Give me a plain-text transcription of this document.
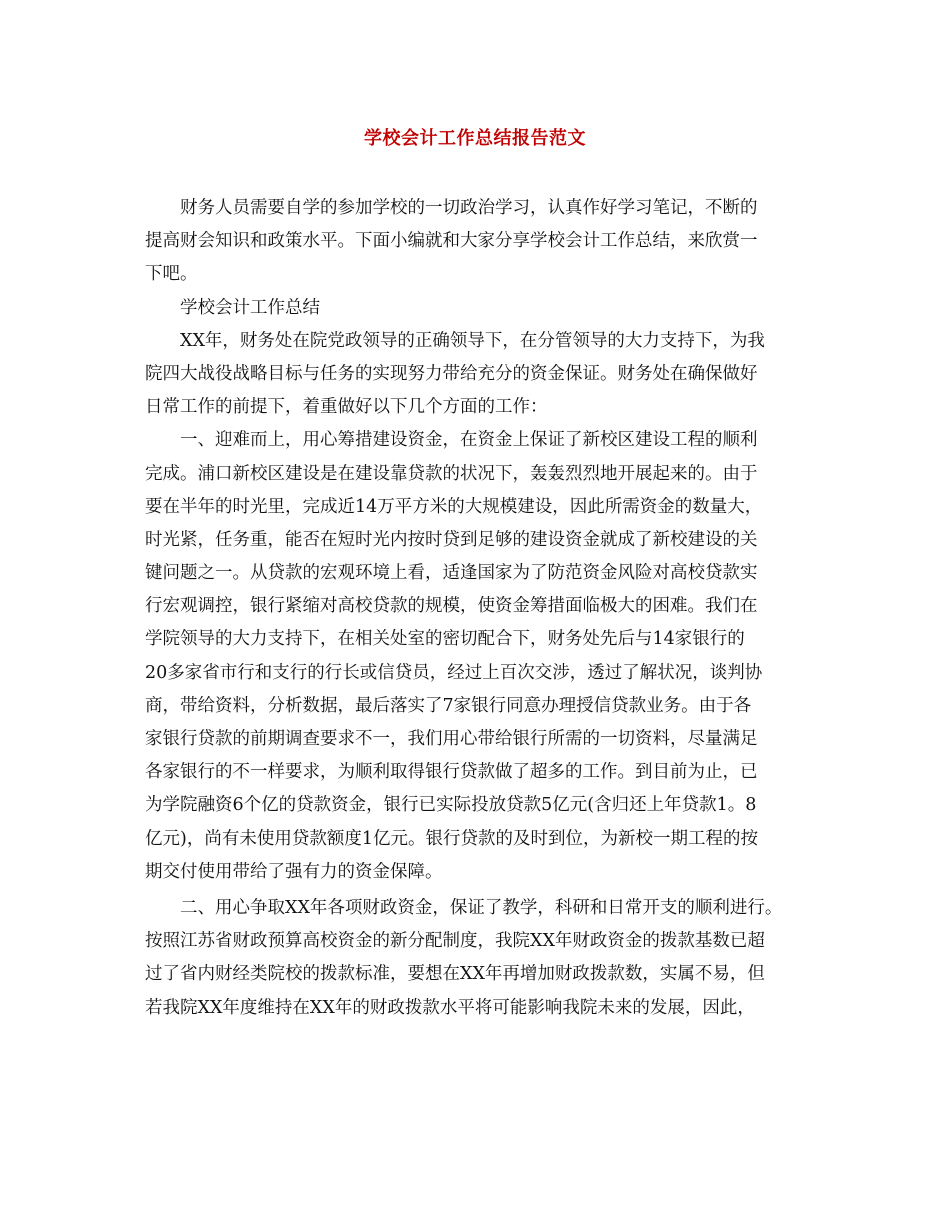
学校会计工作总结报告范文
财务人员需要自学的参加学校的一切政治学习，认真作好学习笔记，不断的
提高财会知识和政策水平。下面小编就和大家分享学校会计工作总结，来欣赏一
下吧。
学校会计工作总结
XX年，财务处在院党政领导的正确领导下，在分管领导的大力支持下，为我
院四大战役战略目标与任务的实现努力带给充分的资金保证。财务处在确保做好
日常工作的前提下，着重做好以下几个方面的工作：
一、迎难而上，用心筹措建设资金，在资金上保证了新校区建设工程的顺利
完成。浦口新校区建设是在建设靠贷款的状况下，轰轰烈烈地开展起来的。由于
要在半年的时光里，完成近14万平方米的大规模建设，因此所需资金的数量大，
时光紧，任务重，能否在短时光内按时贷到足够的建设资金就成了新校建设的关
键问题之一。从贷款的宏观环境上看，适逢国家为了防范资金风险对高校贷款实
行宏观调控，银行紧缩对高校贷款的规模，使资金筹措面临极大的困难。我们在
学院领导的大力支持下，在相关处室的密切配合下，财务处先后与14家银行的
20多家省市行和支行的行长或信贷员，经过上百次交涉，透过了解状况，谈判协
商，带给资料，分析数据，最后落实了7家银行同意办理授信贷款业务。由于各
家银行贷款的前期调查要求不一，我们用心带给银行所需的一切资料，尽量满足
各家银行的不一样要求，为顺利取得银行贷款做了超多的工作。到目前为止，已
为学院融资6个亿的贷款资金，银行已实际投放贷款5亿元(含归还上年贷款1。8
亿元)，尚有未使用贷款额度1亿元。银行贷款的及时到位，为新校一期工程的按
期交付使用带给了强有力的资金保障。
二、用心争取XX年各项财政资金，保证了教学，科研和日常开支的顺利进行。
按照江苏省财政预算高校资金的新分配制度，我院XX年财政资金的拨款基数已超
过了省内财经类院校的拨款标准，要想在XX年再增加财政拨款数，实属不易，但
若我院XX年度维持在XX年的财政拨款水平将可能影响我院未来的发展，因此，
